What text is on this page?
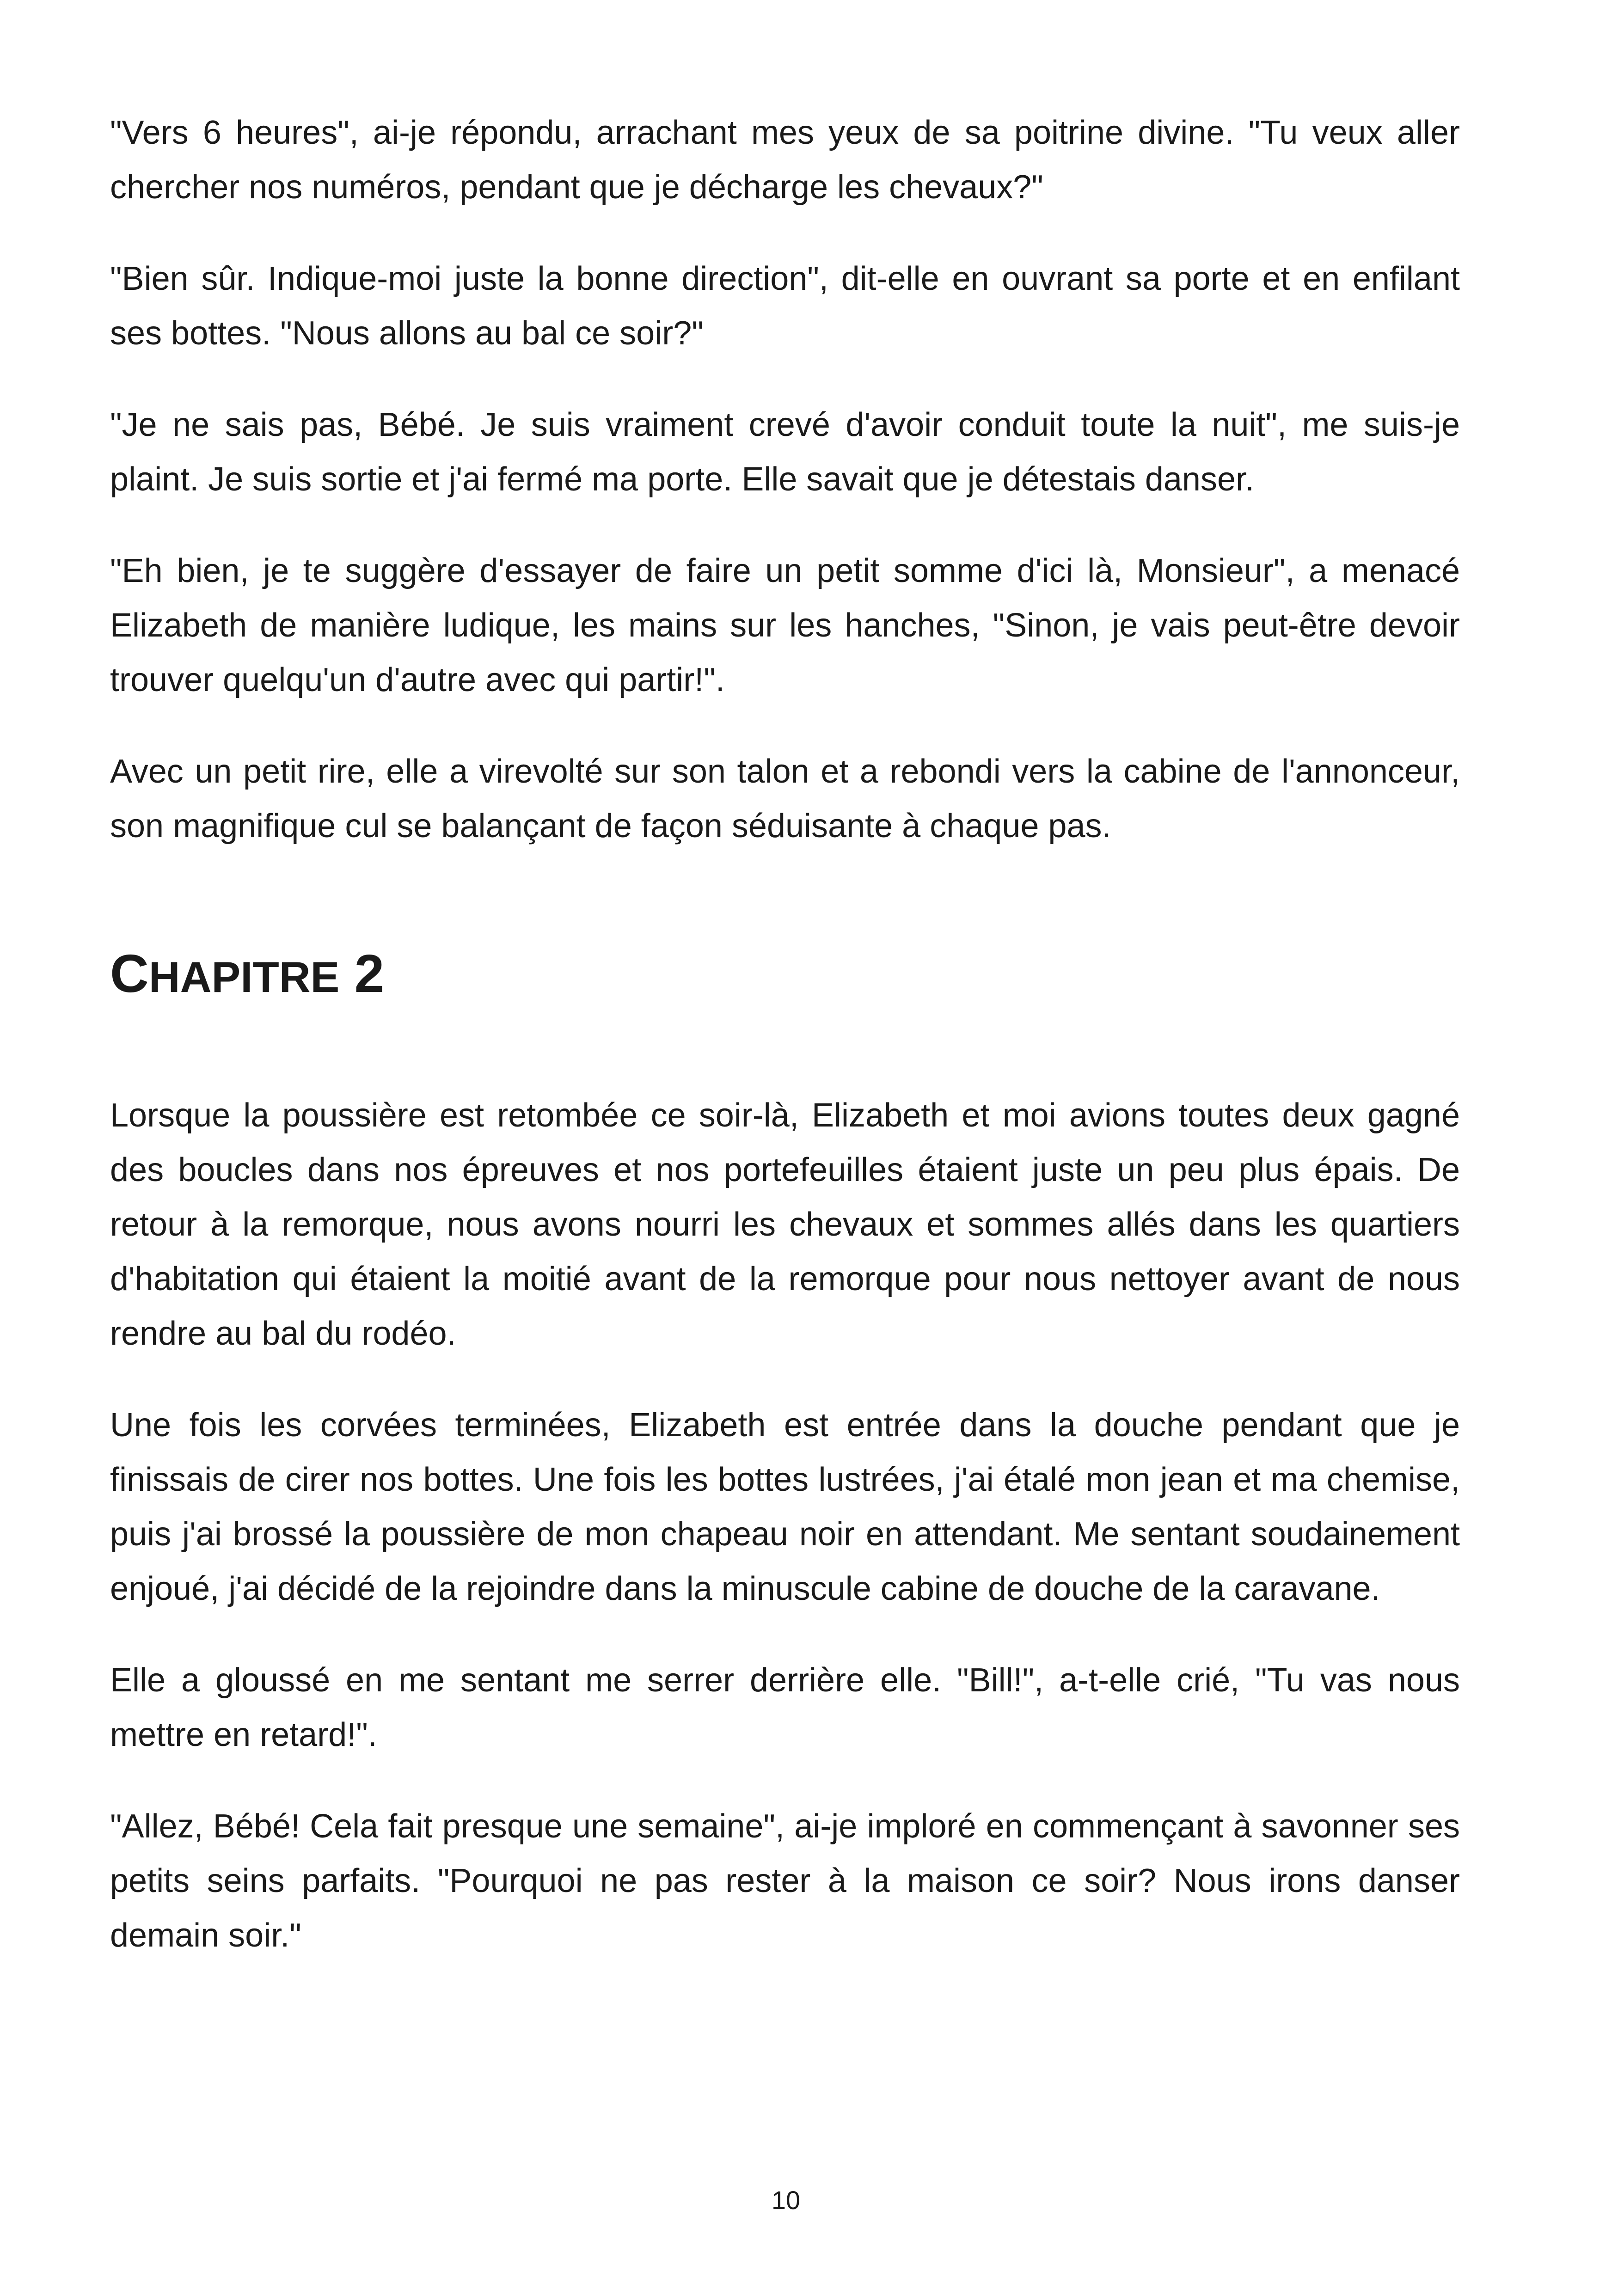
"Vers 6 heures", ai-je répondu, arrachant mes yeux de sa poitrine divine. "Tu veux aller chercher nos numéros, pendant que je décharge les chevaux?"

"Bien sûr. Indique-moi juste la bonne direction", dit-elle en ouvrant sa porte et en enfilant ses bottes. "Nous allons au bal ce soir?"

"Je ne sais pas, Bébé. Je suis vraiment crevé d'avoir conduit toute la nuit", me suis-je plaint. Je suis sortie et j'ai fermé ma porte. Elle savait que je détestais danser.

"Eh bien, je te suggère d'essayer de faire un petit somme d'ici là, Monsieur", a menacé Elizabeth de manière ludique, les mains sur les hanches, "Sinon, je vais peut-être devoir trouver quelqu'un d'autre avec qui partir!".

Avec un petit rire, elle a virevolté sur son talon et a rebondi vers la cabine de l'annonceur, son magnifique cul se balançant de façon séduisante à chaque pas.

CHAPITRE 2

Lorsque la poussière est retombée ce soir-là, Elizabeth et moi avions toutes deux gagné des boucles dans nos épreuves et nos portefeuilles étaient juste un peu plus épais. De retour à la remorque, nous avons nourri les chevaux et sommes allés dans les quartiers d'habitation qui étaient la moitié avant de la remorque pour nous nettoyer avant de nous rendre au bal du rodéo.

Une fois les corvées terminées, Elizabeth est entrée dans la douche pendant que je finissais de cirer nos bottes. Une fois les bottes lustrées, j'ai étalé mon jean et ma chemise, puis j'ai brossé la poussière de mon chapeau noir en attendant. Me sentant soudainement enjoué, j'ai décidé de la rejoindre dans la minuscule cabine de douche de la caravane.

Elle a gloussé en me sentant me serrer derrière elle. "Bill!", a-t-elle crié, "Tu vas nous mettre en retard!".

"Allez, Bébé! Cela fait presque une semaine", ai-je imploré en commençant à savonner ses petits seins parfaits. "Pourquoi ne pas rester à la maison ce soir? Nous irons danser demain soir."

10
